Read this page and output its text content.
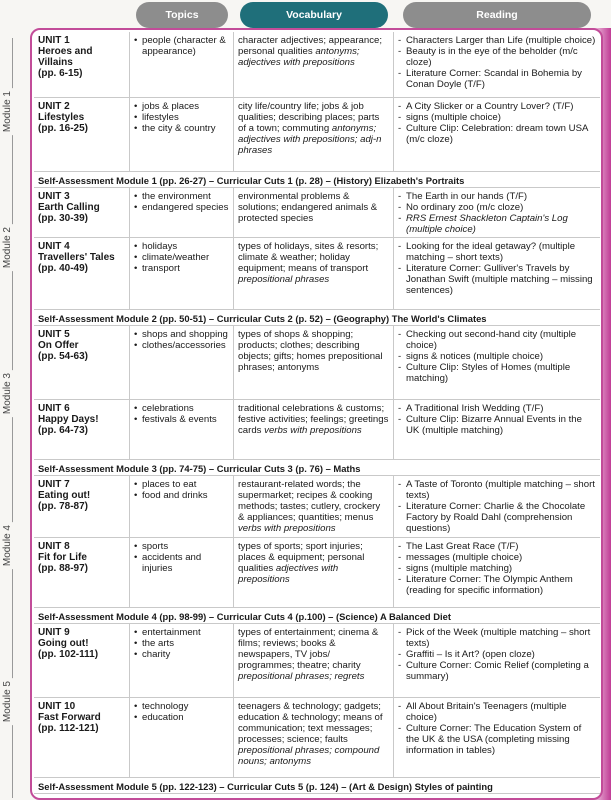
Topics	Vocabulary	Reading
Module 1
Module 2
Module 3
Module 4
Module 5
UNIT 1
Heroes and
Villains
(pp. 6-15)
• people (character & appearance)
character adjectives; appearance; personal qualities antonyms; adjectives with prepositions
- Characters Larger than Life (multiple choice)
- Beauty is in the eye of the beholder (m/c cloze)
- Literature Corner: Scandal in Bohemia by Conan Doyle (T/F)
UNIT 2
Lifestyles
(pp. 16-25)
• jobs & places
• lifestyles
• the city & country
city life/country life; jobs & job qualities; describing places; parts of a town; commuting antonyms; adjectives with prepositions; adj-n phrases
- A City Slicker or a Country Lover? (T/F)
- signs (multiple choice)
- Culture Clip: Celebration: dream town USA (m/c cloze)
Self-Assessment Module 1 (pp. 26-27) – Curricular Cuts 1 (p. 28) – (History) Elizabeth's Portraits
UNIT 3
Earth Calling
(pp. 30-39)
• the environment
• endangered species
environmental problems & solutions; endangered animals & protected species
- The Earth in our hands (T/F)
- No ordinary zoo (m/c cloze)
- RRS Ernest Shackleton Captain's Log (multiple choice)
UNIT 4
Travellers' Tales
(pp. 40-49)
• holidays
• climate/weather
• transport
types of holidays, sites & resorts; climate & weather; holiday equipment; means of transport prepositional phrases
- Looking for the ideal getaway? (multiple matching – short texts)
- Literature Corner: Gulliver's Travels by Jonathan Swift (multiple matching – missing sentences)
Self-Assessment Module 2 (pp. 50-51) – Curricular Cuts 2 (p. 52) – (Geography) The World's Climates
UNIT 5
On Offer
(pp. 54-63)
• shops and shopping
• clothes/accessories
types of shops & shopping; products; clothes; describing objects; gifts; homes prepositional phrases; antonyms
- Checking out second-hand city (multiple choice)
- signs & notices (multiple choice)
- Culture Clip: Styles of Homes (multiple matching)
UNIT 6
Happy Days!
(pp. 64-73)
• celebrations
• festivals & events
traditional celebrations & customs; festive activities; feelings; greetings cards verbs with prepositions
- A Traditional Irish Wedding (T/F)
- Culture Clip: Bizarre Annual Events in the UK (multiple matching)
Self-Assessment Module 3 (pp. 74-75) – Curricular Cuts 3 (p. 76) – Maths
UNIT 7
Eating out!
(pp. 78-87)
• places to eat
• food and drinks
restaurant-related words; the supermarket; recipes & cooking methods; tastes; cutlery, crockery & appliances; quantities; menus verbs with prepositions
- A Taste of Toronto (multiple matching – short texts)
- Literature Corner: Charlie & the Chocolate Factory by Roald Dahl (comprehension questions)
UNIT 8
Fit for Life
(pp. 88-97)
• sports
• accidents and injuries
types of sports; sport injuries; places & equipment; personal qualities adjectives with prepositions
- The Last Great Race (T/F)
- messages (multiple choice)
- signs (multiple matching)
- Literature Corner: The Olympic Anthem (reading for specific information)
Self-Assessment Module 4 (pp. 98-99) – Curricular Cuts 4 (p.100) – (Science) A Balanced Diet
UNIT 9
Going out!
(pp. 102-111)
• entertainment
• the arts
• charity
types of entertainment; cinema & films; reviews; books & newspapers, TV jobs/ programmes; theatre; charity prepositional phrases; regrets
- Pick of the Week (multiple matching – short texts)
- Graffiti – Is it Art? (open cloze)
- Culture Corner: Comic Relief (completing a summary)
UNIT 10
Fast Forward
(pp. 112-121)
• technology
• education
teenagers & technology; gadgets; education & technology; means of communication; text messages; processes; science; faults prepositional phrases; compound nouns; antonyms
- All About Britain's Teenagers (multiple choice)
- Culture Corner: The Education System of the UK & the USA (completing missing information in tables)
Self-Assessment Module 5 (pp. 122-123) – Curricular Cuts 5 (p. 124) – (Art & Design) Styles of painting
